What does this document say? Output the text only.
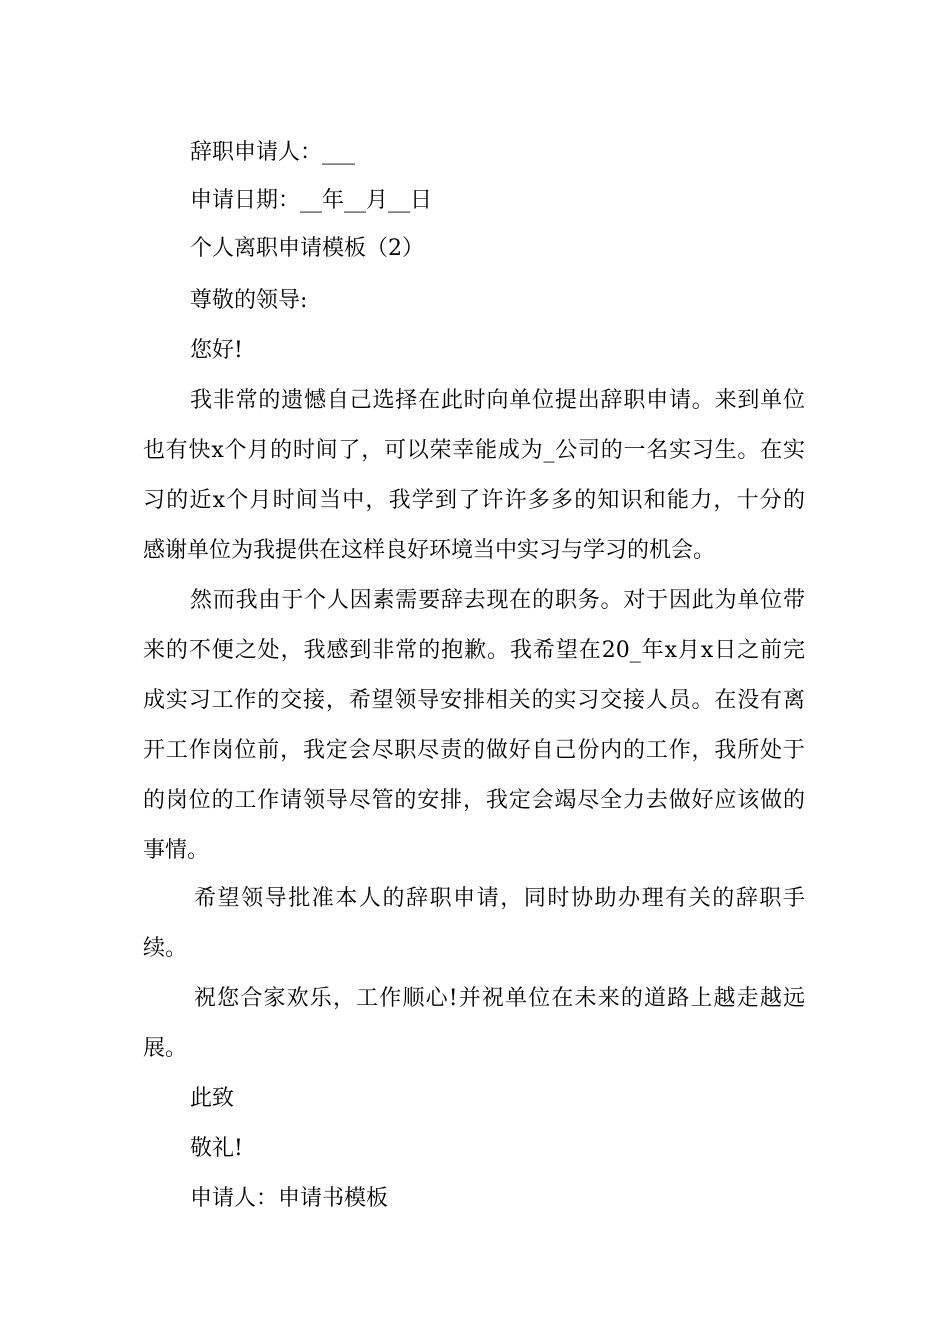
辞职申请人：___
申请日期：__年__月__日
个人离职申请模板（2）
尊敬的领导:
您好!
我非常的遗憾自己选择在此时向单位提出辞职申请。来到单位
也有快x个月的时间了，可以荣幸能成为_公司的一名实习生。在实
习的近x个月时间当中，我学到了许许多多的知识和能力，十分的
感谢单位为我提供在这样良好环境当中实习与学习的机会。
然而我由于个人因素需要辞去现在的职务。对于因此为单位带
来的不便之处，我感到非常的抱歉。我希望在20_年x月x日之前完
成实习工作的交接，希望领导安排相关的实习交接人员。在没有离
开工作岗位前，我定会尽职尽责的做好自己份内的工作，我所处于
的岗位的工作请领导尽管的安排，我定会竭尽全力去做好应该做的
事情。
希望领导批准本人的辞职申请，同时协助办理有关的辞职手
续。
祝您合家欢乐，工作顺心!并祝单位在未来的道路上越走越远
展。
此致
敬礼!
申请人：申请书模板
